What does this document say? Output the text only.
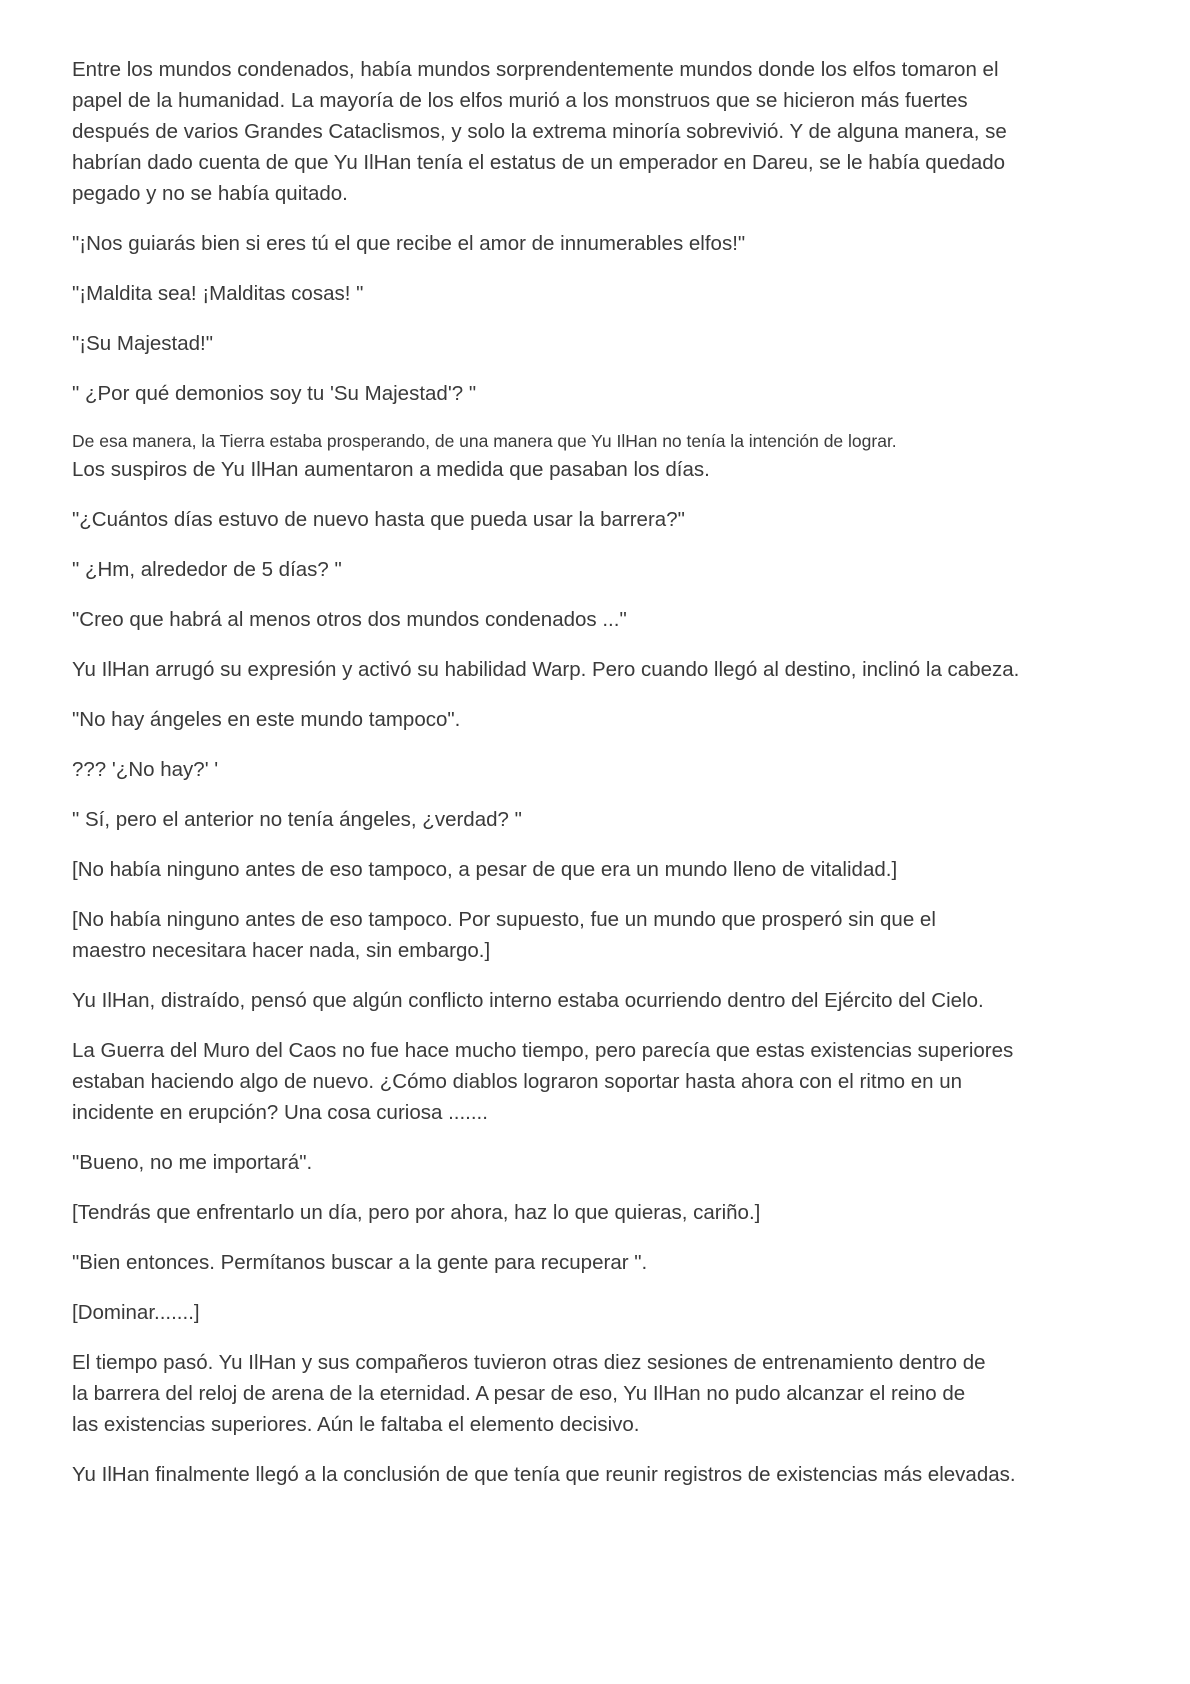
Entre los mundos condenados, había mundos sorprendentemente mundos donde los elfos tomaron el
papel de la humanidad. La mayoría de los elfos murió a los monstruos que se hicieron más fuertes
después de varios Grandes Cataclismos, y solo la extrema minoría sobrevivió. Y de alguna manera, se
habrían dado cuenta de que Yu IlHan tenía el estatus de un emperador en Dareu, se le había quedado
pegado y no se había quitado.
"¡Nos guiarás bien si eres tú el que recibe el amor de innumerables elfos!"
"¡Maldita sea! ¡Malditas cosas! "
"¡Su Majestad!"
" ¿Por qué demonios soy tu 'Su Majestad'? "
De esa manera, la Tierra estaba prosperando, de una manera que Yu IlHan no tenía la intención de lograr.
Los suspiros de Yu IlHan aumentaron a medida que pasaban los días.
"¿Cuántos días estuvo de nuevo hasta que pueda usar la barrera?"
" ¿Hm, alrededor de 5 días? "
"Creo que habrá al menos otros dos mundos condenados ..."
Yu IlHan arrugó su expresión y activó su habilidad Warp. Pero cuando llegó al destino, inclinó la cabeza.
"No hay ángeles en este mundo tampoco".
??? '¿No hay?' '
" Sí, pero el anterior no tenía ángeles, ¿verdad? "
[No había ninguno antes de eso tampoco, a pesar de que era un mundo lleno de vitalidad.]
[No había ninguno antes de eso tampoco. Por supuesto, fue un mundo que prosperó sin que el
maestro necesitara hacer nada, sin embargo.]
Yu IlHan, distraído, pensó que algún conflicto interno estaba ocurriendo dentro del Ejército del Cielo.
La Guerra del Muro del Caos no fue hace mucho tiempo, pero parecía que estas existencias superiores
estaban haciendo algo de nuevo. ¿Cómo diablos lograron soportar hasta ahora con el ritmo en un
incidente en erupción? Una cosa curiosa .......
"Bueno, no me importará".
[Tendrás que enfrentarlo un día, pero por ahora, haz lo que quieras, cariño.]
"Bien entonces. Permítanos buscar a la gente para recuperar ".
[Dominar.......]
El tiempo pasó. Yu IlHan y sus compañeros tuvieron otras diez sesiones de entrenamiento dentro de
la barrera del reloj de arena de la eternidad. A pesar de eso, Yu IlHan no pudo alcanzar el reino de
las existencias superiores. Aún le faltaba el elemento decisivo.
Yu IlHan finalmente llegó a la conclusión de que tenía que reunir registros de existencias más elevadas.
